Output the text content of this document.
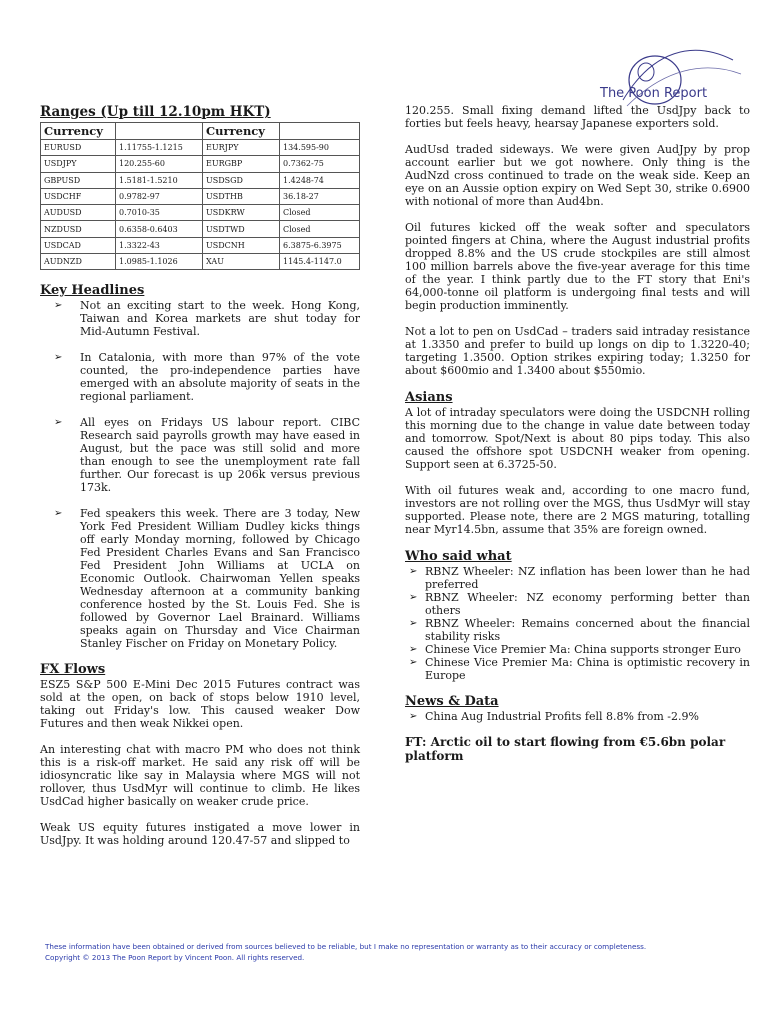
The Poon Report
Ranges (Up till 12.10pm HKT)
Currency		Currency	
EURUSD	1.11755-1.1215	EURJPY	134.595-90
USDJPY	120.255-60	EURGBP	0.7362-75
GBPUSD	1.5181-1.5210	USDSGD	1.4248-74
USDCHF	0.9782-97	USDTHB	36.18-27
AUDUSD	0.7010-35	USDKRW	Closed
NZDUSD	0.6358-0.6403	USDTWD	Closed
USDCAD	1.3322-43	USDCNH	6.3875-6.3975
AUDNZD	1.0985-1.1026	XAU	1145.4-1147.0
Key Headlines
➢ Not an exciting start to the week. Hong Kong, Taiwan and Korea markets are shut today for Mid-Autumn Festival.
➢ In Catalonia, with more than 97% of the vote counted, the pro-independence parties have emerged with an absolute majority of seats in the regional parliament.
➢ All eyes on Fridays US labour report. CIBC Research said payrolls growth may have eased in August, but the pace was still solid and more than enough to see the unemployment rate fall further. Our forecast is up 206k versus previous 173k.
➢ Fed speakers this week. There are 3 today, New York Fed President William Dudley kicks things off early Monday morning, followed by Chicago Fed President Charles Evans and San Francisco Fed President John Williams at UCLA on Economic Outlook. Chairwoman Yellen speaks Wednesday afternoon at a community banking conference hosted by the St. Louis Fed. She is followed by Governor Lael Brainard. Williams speaks again on Thursday and Vice Chairman Stanley Fischer on Friday on Monetary Policy.
FX Flows

ESZ5 S&P 500 E-Mini Dec 2015 Futures contract was sold at the open, on back of stops below 1910 level, taking out Friday's low. This caused weaker Dow Futures and then weak Nikkei open.

An interesting chat with macro PM who does not think this is a risk-off market. He said any risk off will be idiosyncratic like say in Malaysia where MGS will not rollover, thus UsdMyr will continue to climb. He likes UsdCad higher basically on weaker crude price.

Weak US equity futures instigated a move lower in UsdJpy. It was holding around 120.47-57 and slipped to

120.255. Small fixing demand lifted the UsdJpy back to forties but feels heavy, hearsay Japanese exporters sold.

AudUsd traded sideways. We were given AudJpy by prop account earlier but we got nowhere. Only thing is the AudNzd cross continued to trade on the weak side. Keep an eye on an Aussie option expiry on Wed Sept 30, strike 0.6900 with notional of more than Aud4bn.

Oil futures kicked off the weak softer and speculators pointed fingers at China, where the August industrial profits dropped 8.8% and the US crude stockpiles are still almost 100 million barrels above the five-year average for this time of the year. I think partly due to the FT story that Eni's 64,000-tonne oil platform is undergoing final tests and will begin production imminently.

Not a lot to pen on UsdCad – traders said intraday resistance at 1.3350 and prefer to build up longs on dip to 1.3220-40; targeting 1.3500. Option strikes expiring today; 1.3250 for about $600mio and 1.3400 about $550mio.

Asians

A lot of intraday speculators were doing the USDCNH rolling this morning due to the change in value date between today and tomorrow. Spot/Next is about 80 pips today. This also caused the offshore spot USDCNH weaker from opening. Support seen at 6.3725-50.

With oil futures weak and, according to one macro fund, investors are not rolling over the MGS, thus UsdMyr will stay supported. Please note, there are 2 MGS maturing, totalling near Myr14.5bn, assume that 35% are foreign owned.

Who said what
➢ RBNZ Wheeler: NZ inflation has been lower than he had preferred
➢ RBNZ Wheeler: NZ economy performing better than others
➢ RBNZ Wheeler: Remains concerned about the financial stability risks
➢ Chinese Vice Premier Ma: China supports stronger Euro
➢ Chinese Vice Premier Ma: China is optimistic recovery in Europe
News & Data
➢ China Aug Industrial Profits fell 8.8% from -2.9%

FT: Arctic oil to start flowing from €5.6bn polar platform

These information have been obtained or derived from sources believed to be reliable, but I make no representation or warranty as to their accuracy or completeness.
Copyright © 2013 The Poon Report by Vincent Poon. All rights reserved.
